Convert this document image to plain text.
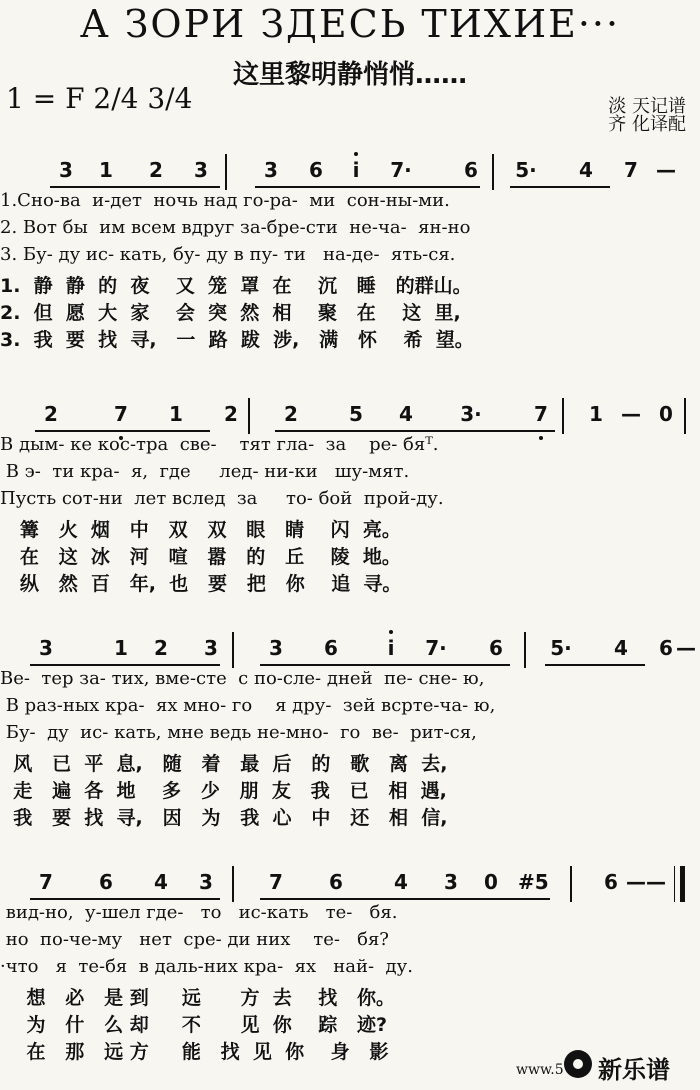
А ЗОРИ ЗДЕСЬ ТИХИЕ···
这里黎明静悄悄……
1 = F 2/4 3/4	淡 天记谱
齐 化译配
3 1 2 3	3 6	i	7·	6 5· 4 7 —
1.Сно-ва  и-дет  ночь над го-ра-  ми  сон-ны-ми.
2. Вот бы  им всем вдруг за-бре-сти  не-ча-  ян-но
3. Бу- ду ис- кать, бу- ду в пу- ти   на-де-  ять-ся.
1.  静  静  的  夜    又  笼  罩  在    沉   睡   的群山。
2.  但  愿  大  家    会  突  然  相    聚   在    这  里,
3.  我  要  找  寻,   一  路  跋  涉,   满   怀    希  望。
2	7 1 2 2	5 4 3·	7 1 — 0
В дым- ке кос-тра  све-    тят гла-  за    ре- бяᵀ.
В э-  ти кра-  я,  где     лед- ни-ки   шу-мят.
Пусть сот-ни  лет вслед  за     то- бой  прой-ду.
篝   火  烟   中   双   双   眼   睛    闪  亮。
在   这  冰   河   喧   嚣   的   丘    陵  地。
纵   然  百   年,  也   要   把   你    追  寻。
3	1 2 3	3 6	i	7· 6 5· 4 6 —
Ве-  тер за- тих, вме-сте  с по-сле- дней  пе- сне- ю,
В раз-ных кра-  ях мно- го    я дру-  зей всрте-ча- ю,
Бу-  ду  ис- кать, мне ведь не-мно-  го  ве-  рит-ся,
风   已  平  息,   随   着   最  后   的   歌   离  去,
走   遍  各  地    多   少   朋  友   我   已   相  遇,
我   要  找  寻,   因   为   我  心   中   还   相  信,
7 6 4 3	7 6	4 3 0 #5	6 — —
вид-но,  у-шел где-   то   ис-кать   те-   бя.
но  по-че-му   нет  сре- ди них    те-   бя?
·что   я  те-бя  в даль-них кра-  ях   най-  ду.
想   必   是 到     远      方  去    找   你。
为   什   么 却     不      见  你    踪   迹?
在   那   远 方     能   找  见  你    身   影
www.5 新乐谱
